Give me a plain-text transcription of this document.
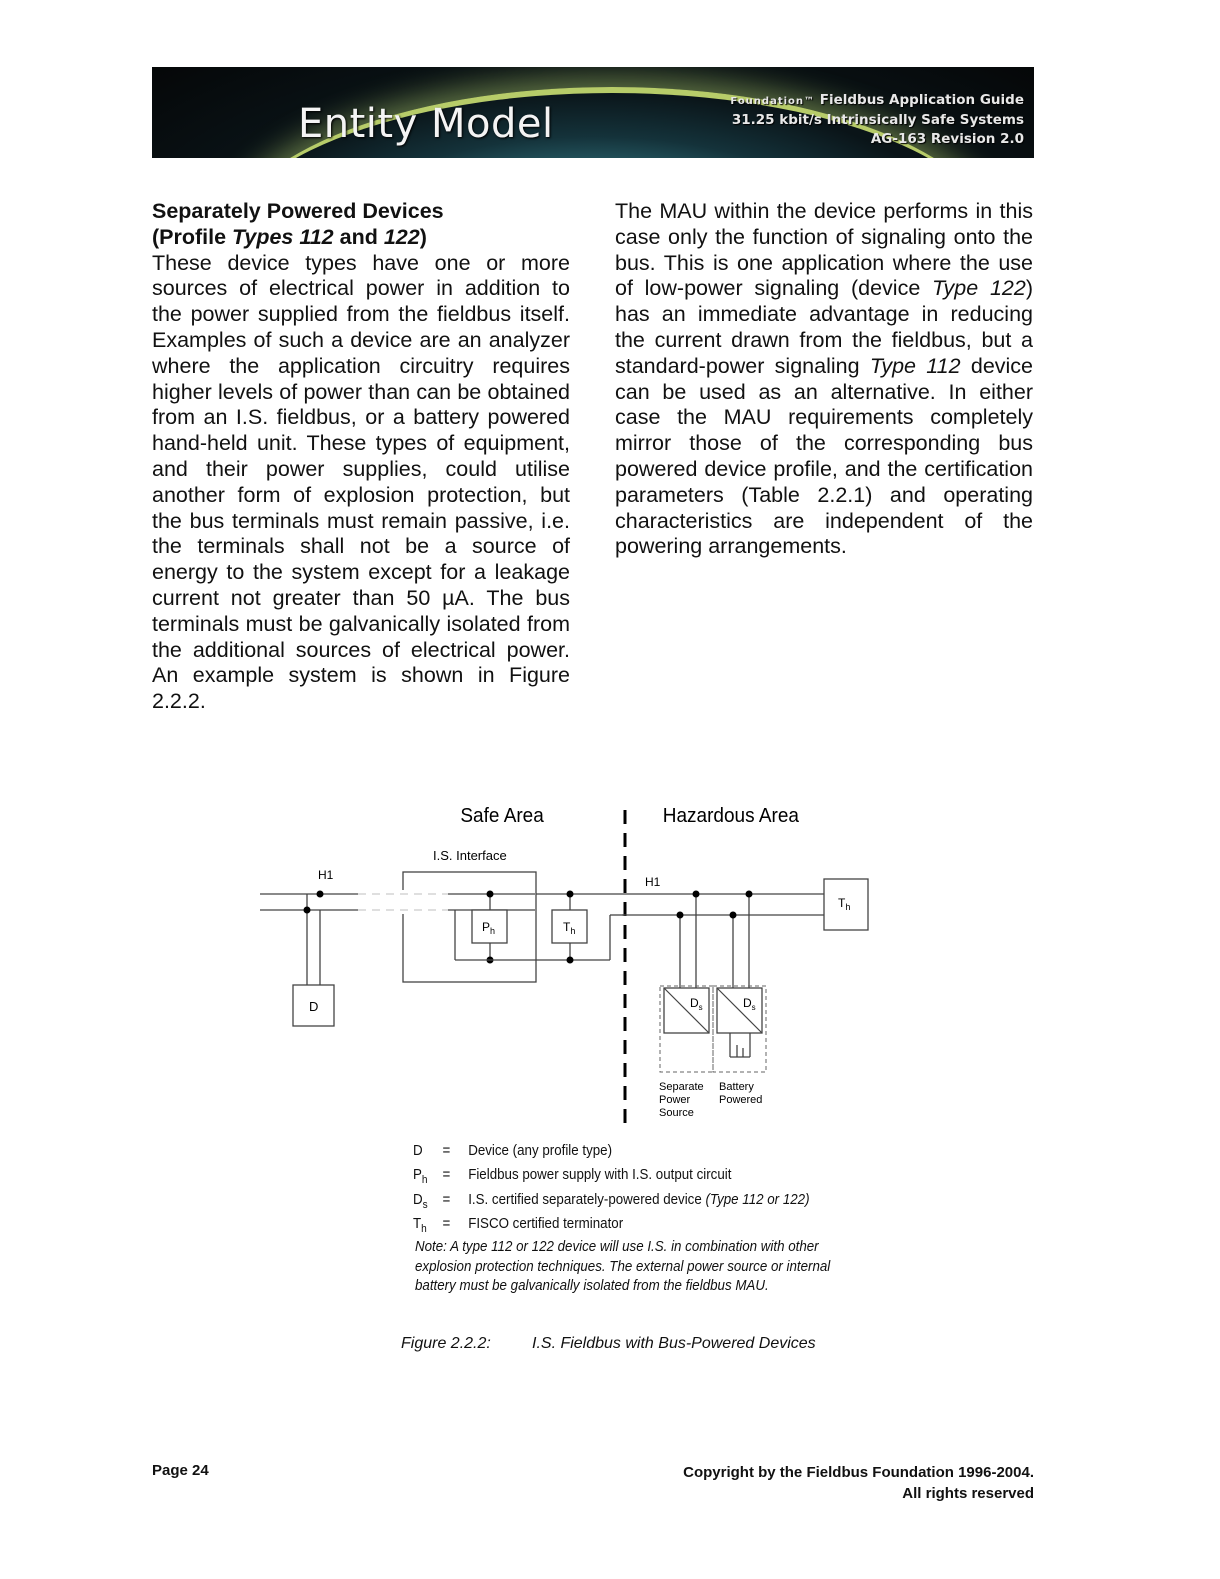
Entity Model	Foundation™ Fieldbus Application Guide
31.25 kbit/s Intrinsically Safe Systems
AG-163 Revision 2.0
Separately Powered Devices
(Profile Types 112 and 122)
These device types have one or more sources of electrical power in addition to the power supplied from the fieldbus itself. Examples of such a device are an analyzer where the application circuitry requires higher levels of power than can be obtained from an I.S. fieldbus, or a battery powered hand-held unit. These types of equipment, and their power supplies, could utilise another form of explosion protection, but the bus terminals must remain passive, i.e. the terminals shall not be a source of energy to the system except for a leakage current not greater than 50 µA. The bus terminals must be galvanically isolated from the additional sources of electrical power. An example system is shown in Figure 2.2.2.
The MAU within the device performs in this case only the function of signaling onto the bus. This is one application where the use of low-power signaling (device Type 122) has an immediate advantage in reducing the current drawn from the fieldbus, but a standard-power signaling Type 112 device can be used as an alternative. In either case the MAU requirements completely mirror those of the corresponding bus powered device profile, and the certification parameters (Table 2.2.1) and operating characteristics are independent of the powering arrangements.
Safe Area	Hazardous Area
I.S. Interface
H1	H1
D
$P_h$	$T_h$
$T_h$
$D_s$	$D_s$
Separate Power Source
Battery Powered
D	=	Device (any profile type)
$P_h$	=	Fieldbus power supply with I.S. output circuit
$D_s$	=	I.S. certified separately-powered device (Type 112 or 122)
$T_h$	=	FISCO certified terminator
Note: A type 112 or 122 device will use I.S. in combination with other explosion protection techniques. The external power source or internal battery must be galvanically isolated from the fieldbus MAU.
Figure 2.2.2:	I.S. Fieldbus with Bus-Powered Devices
Page 24	Copyright by the Fieldbus Foundation 1996-2004.
All rights reserved
